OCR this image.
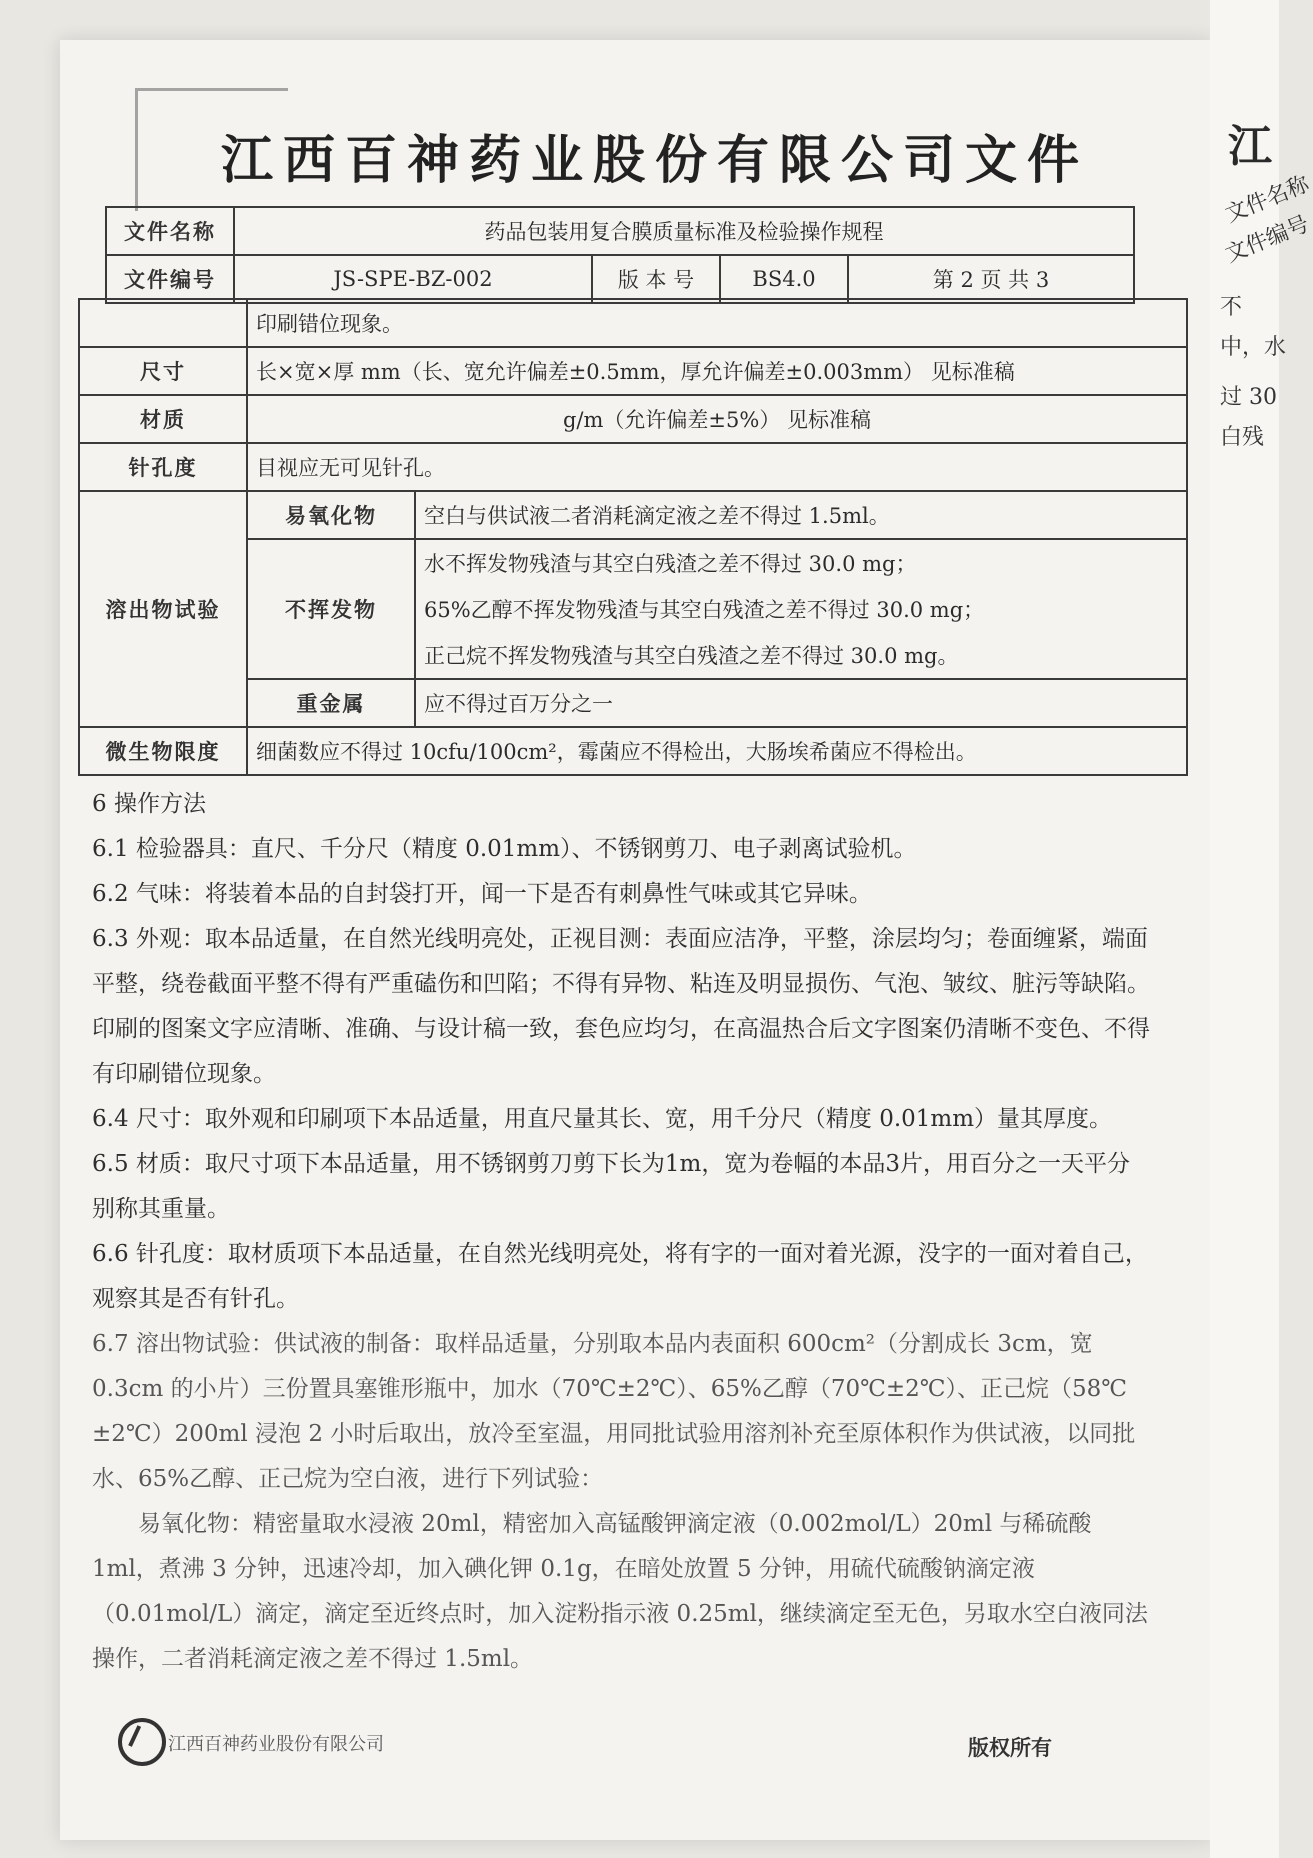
江
文件名称
文件编号
不
中，水
过 30
白残
江西百神药业股份有限公司文件
文件名称	药品包装用复合膜质量标准及检验操作规程			
文件编号	JS-SPE-BZ-002	版 本 号	BS4.0	第 2 页 共 3
	印刷错位现象。	
尺寸	长×宽×厚 mm（长、宽允许偏差±0.5mm，厚允许偏差±0.003mm） 见标准稿	
材质	g/m（允许偏差±5%） 见标准稿	
针孔度	目视应无可见针孔。	
溶出物试验	易氧化物	空白与供试液二者消耗滴定液之差不得过 1.5ml。
	不挥发物	水不挥发物残渣与其空白残渣之差不得过 30.0 mg；
		65%乙醇不挥发物残渣与其空白残渣之差不得过 30.0 mg；
		正己烷不挥发物残渣与其空白残渣之差不得过 30.0 mg。
	重金属	应不得过百万分之一
微生物限度	细菌数应不得过 10cfu/100cm²，霉菌应不得检出，大肠埃希菌应不得检出。	

6 操作方法

6.1 检验器具：直尺、千分尺（精度 0.01mm）、不锈钢剪刀、电子剥离试验机。

6.2 气味：将装着本品的自封袋打开，闻一下是否有刺鼻性气味或其它异味。

6.3 外观：取本品适量，在自然光线明亮处，正视目测：表面应洁净，平整，涂层均匀；卷面缠紧，端面平整，绕卷截面平整不得有严重磕伤和凹陷；不得有异物、粘连及明显损伤、气泡、皱纹、脏污等缺陷。印刷的图案文字应清晰、准确、与设计稿一致，套色应均匀，在高温热合后文字图案仍清晰不变色、不得有印刷错位现象。

6.4 尺寸：取外观和印刷项下本品适量，用直尺量其长、宽，用千分尺（精度 0.01mm）量其厚度。

6.5 材质：取尺寸项下本品适量，用不锈钢剪刀剪下长为1m，宽为卷幅的本品3片，用百分之一天平分别称其重量。

6.6 针孔度：取材质项下本品适量，在自然光线明亮处，将有字的一面对着光源，没字的一面对着自己，观察其是否有针孔。

6.7 溶出物试验：供试液的制备：取样品适量，分别取本品内表面积 600cm²（分割成长 3cm，宽 0.3cm 的小片）三份置具塞锥形瓶中，加水（70℃±2℃）、65%乙醇（70℃±2℃）、正己烷（58℃±2℃）200ml 浸泡 2 小时后取出，放冷至室温，用同批试验用溶剂补充至原体积作为供试液，以同批水、65%乙醇、正己烷为空白液，进行下列试验：

易氧化物：精密量取水浸液 20ml，精密加入高锰酸钾滴定液（0.002mol/L）20ml 与稀硫酸 1ml，煮沸 3 分钟，迅速冷却，加入碘化钾 0.1g，在暗处放置 5 分钟，用硫代硫酸钠滴定液（0.01mol/L）滴定，滴定至近终点时，加入淀粉指示液 0.25ml，继续滴定至无色，另取水空白液同法操作，二者消耗滴定液之差不得过 1.5ml。

江西百神药业股份有限公司	版权所有
